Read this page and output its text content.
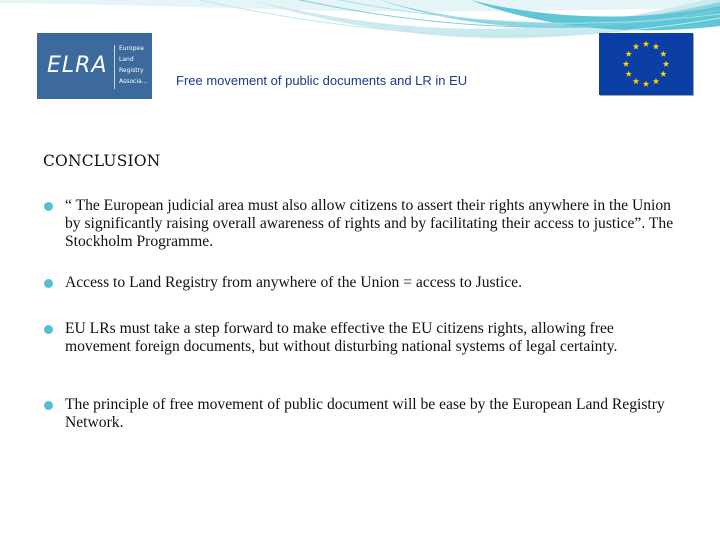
ELRA
Europea
Land
Registry
Associa... Free movement of public documents and LR in EU
CONCLUSION
“ The European judicial area must also allow citizens to assert their rights anywhere in the Union by significantly raising overall awareness of rights and by facilitating their access to justice”. The Stockholm Programme.
Access to Land Registry from anywhere of the Union = access to Justice.
EU LRs must take a step forward to make effective the EU citizens rights, allowing free movement foreign documents, but without disturbing national systems of legal certainty.
The principle of free movement of public document will be ease by the European Land Registry Network.
